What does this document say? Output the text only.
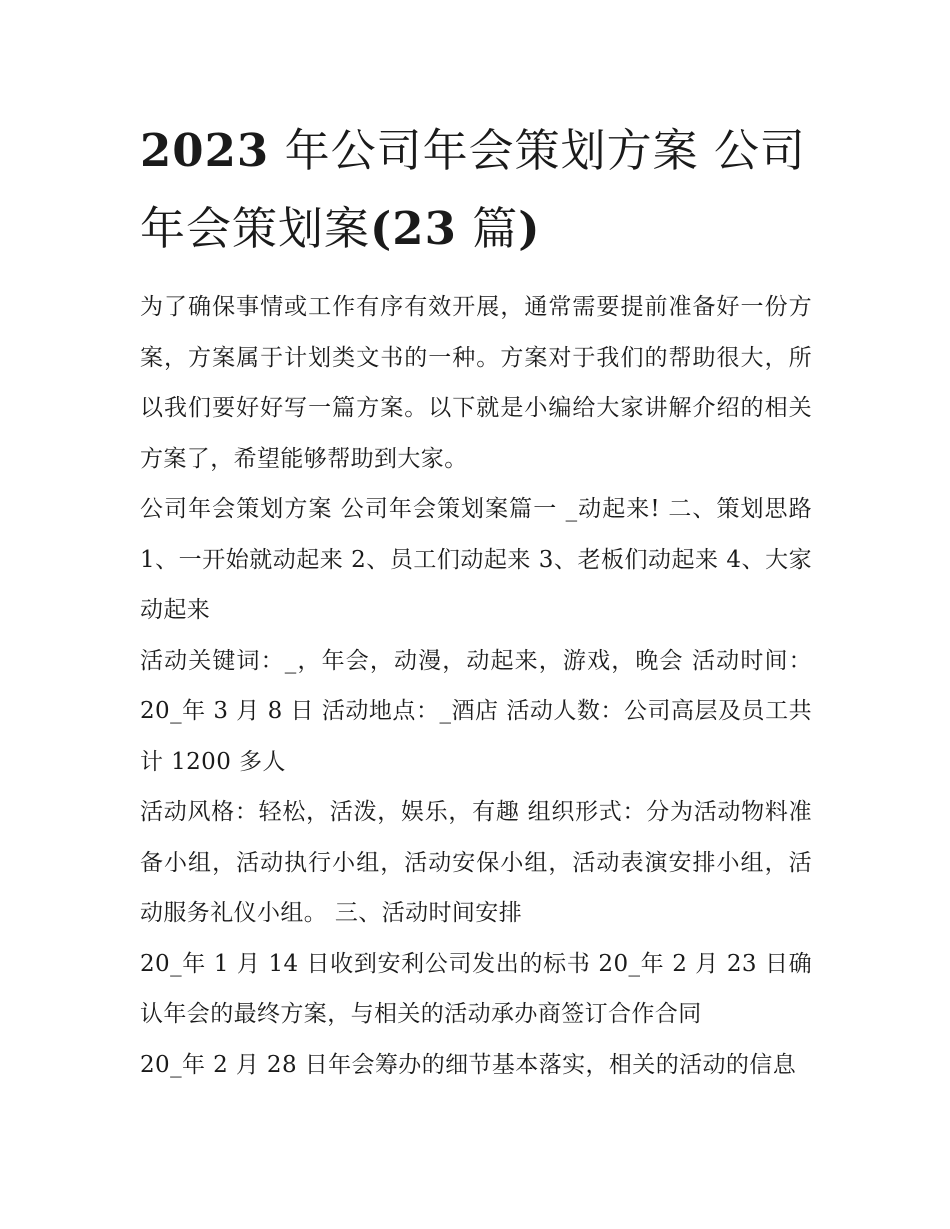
2023 年公司年会策划方案 公司年会策划案(23 篇)

为了确保事情或工作有序有效开展，通常需要提前准备好一份方案，方案属于计划类文书的一种。方案对于我们的帮助很大，所以我们要好好写一篇方案。以下就是小编给大家讲解介绍的相关方案了，希望能够帮助到大家。

公司年会策划方案 公司年会策划案篇一 _动起来! 二、策划思路 1、一开始就动起来 2、员工们动起来 3、老板们动起来 4、大家动起来

活动关键词：_，年会，动漫，动起来，游戏，晚会 活动时间：20_年 3 月 8 日 活动地点：_酒店 活动人数：公司高层及员工共计 1200 多人

活动风格：轻松，活泼，娱乐，有趣 组织形式：分为活动物料准备小组，活动执行小组，活动安保小组，活动表演安排小组，活动服务礼仪小组。 三、活动时间安排

20_年 1 月 14 日收到安利公司发出的标书 20_年 2 月 23 日确认年会的最终方案，与相关的活动承办商签订合作合同

20_年 2 月 28 日年会筹办的细节基本落实，相关的活动的信息
